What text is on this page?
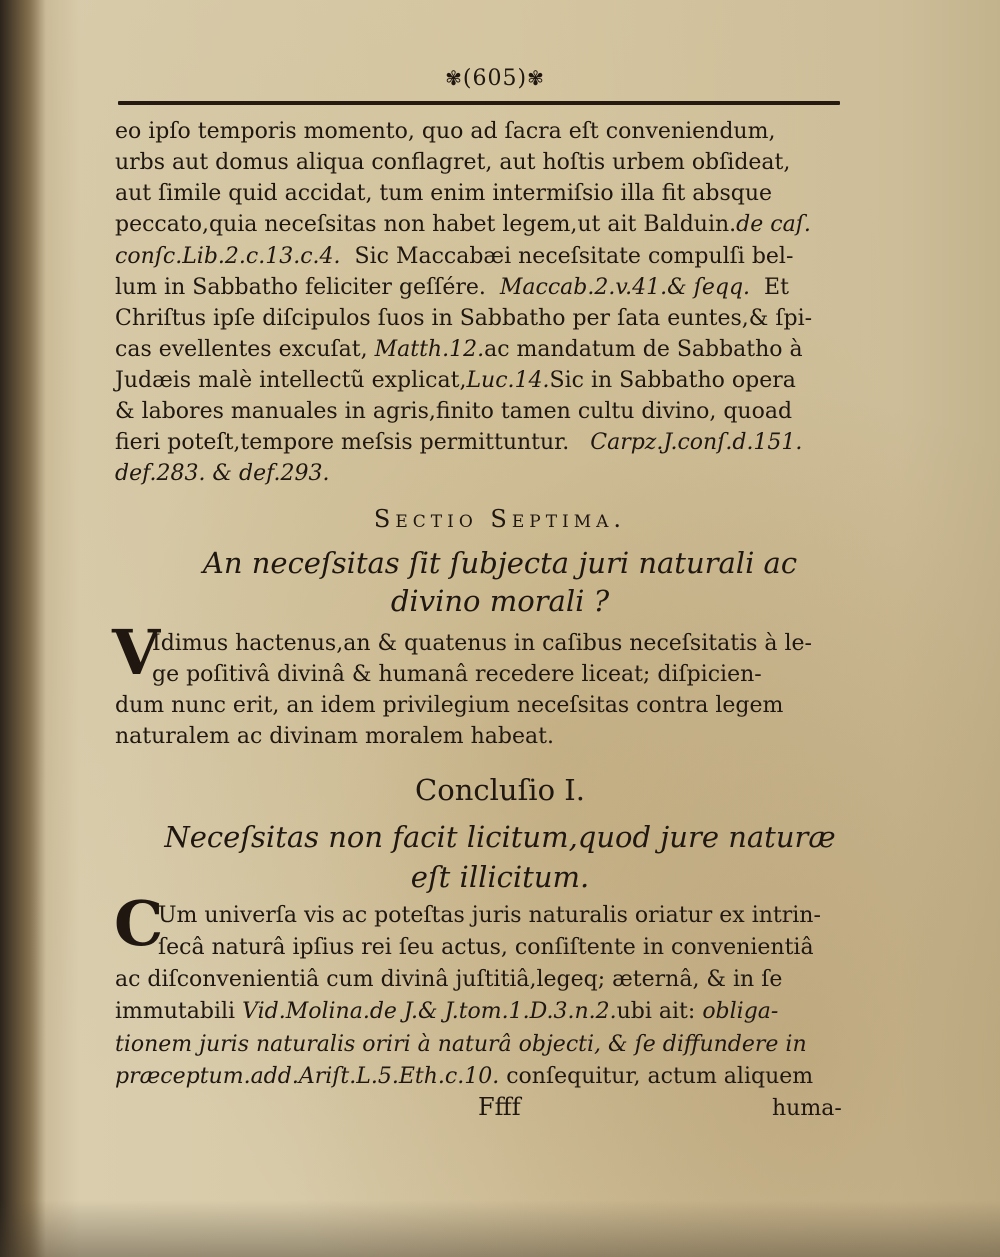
✾(605)✾
eo ipſo temporis momento, quo ad ſacra eſt conveniendum,
urbs aut domus aliqua conflagret, aut hoſtis urbem obſideat,
aut ſimile quid accidat, tum enim intermiſsio illa fit absque
peccato,quia neceſsitas non habet legem,ut ait Balduin.de caſ.
conſc.Lib.2.c.13.c.4. Sic Maccabæi neceſsitate compulſi bel-
lum in Sabbatho feliciter geſſére. Maccab.2.v.41.& ſeqq. Et
Chriſtus ipſe diſcipulos ſuos in Sabbatho per ſata euntes,& ſpi-
cas evellentes excuſat, Matth.12.ac mandatum de Sabbatho à
Judæis malè intellectũ explicat,Luc.14.Sic in Sabbatho opera
& labores manuales in agris,finito tamen cultu divino, quoad
fieri poteſt,tempore meſsis permittuntur. Carpz.J.conſ.d.151.
def.283. & def.293.
Sectio Septima.
An neceſsitas ſit ſubjecta juri naturali ac
divino morali ?
V
Idimus hactenus,an & quatenus in caſibus neceſsitatis à le-
ge poſitivâ divinâ & humanâ recedere liceat; diſpicien-
dum nunc erit, an idem privilegium neceſsitas contra legem
naturalem ac divinam moralem habeat.
Concluſio I.
Neceſsitas non facit licitum,quod jure naturæ
eſt illicitum.
C
Um univerſa vis ac poteſtas juris naturalis oriatur ex intrin-
ſecâ naturâ ipſius rei ſeu actus, conſiſtente in convenientiâ
ac diſconvenientiâ cum divinâ juſtitiâ,legeq; æternâ, & in ſe
immutabili Vid.Molina.de J.& J.tom.1.D.3.n.2.ubi ait: obliga-
tionem juris naturalis oriri à naturâ objecti, & ſe diffundere in
præceptum.add.Ariſt.L.5.Eth.c.10. conſequitur, actum aliquem
Ffff	huma-
